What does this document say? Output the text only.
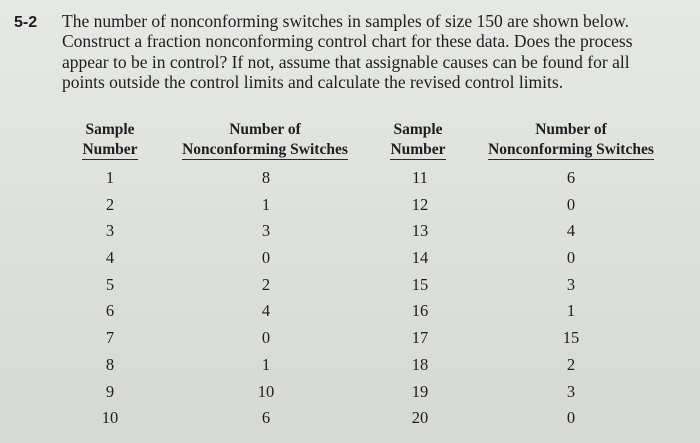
5-2 The number of nonconforming switches in samples of size 150 are shown below.
Construct a fraction nonconforming control chart for these data. Does the process
appear to be in control? If not, assume that assignable causes can be found for all
points outside the control limits and calculate the revised control limits.
Sample
Number
Number of
Nonconforming Switches
Sample
Number
Number of
Nonconforming Switches
1
2
3
4
5
6
7
8
9
10
8
1
3
0
2
4
0
1
10
6
11
12
13
14
15
16
17
18
19
20
6
0
4
0
3
1
15
2
3
0
